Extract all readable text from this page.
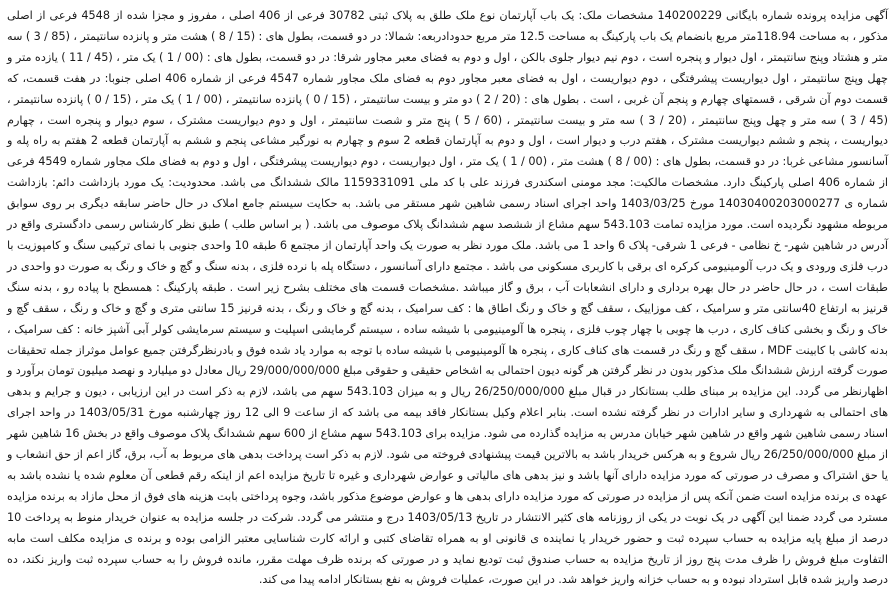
آگهی مزایده پرونده شماره بایگانی 140200229 مشخصات ملک: یک باب آپارتمان نوع ملک طلق به پلاک ثبتی 30782 فرعی از 406 اصلی ، مفروز و مجزا شده از 4548 فرعی از اصلی مذکور ، به مساحت 118.94متر مربع بانضمام یک باب پارکینگ به مساحت 12.5 متر مربع حدودادربعه: شمالا: در دو قسمت، بطول های : (15 / 8 ) هشت متر و پانزده سانتیمتر ، (85 / 3 ) سه متر و هشتاد وپنج سانتیمتر ، اول دیوار و پنجره است ، دوم نیم دیوار جلوی بالکن ، اول و دوم به فضای معبر مجاور شرقا: در دو قسمت، بطول های : (00 / 1 ) یک متر ، (45 / 11 ) یازده متر و چهل وپنج سانتیمتر ، اول دیواریست پیشرفتگی ، دوم دیواریست ، اول به فضای معبر مجاور دوم به فضای ملک مجاور شماره 4547 فرعی از شماره 406 اصلی جنوبا: در هفت قسمت، که قسمت دوم آن شرقی ، قسمتهای چهارم و پنجم آن غربی ، است . بطول های : (20 / 2 ) دو متر و بیست سانتیمتر ، (15 / 0 ) پانزده سانتیمتر ، (00 / 1 ) یک متر ، (15 / 0 ) پانزده سانتیمتر ، (45 / 3 ) سه متر و چهل وپنج سانتیمتر ، (20 / 3 ) سه متر و بیست سانتیمتر ، (60 / 5 ) پنج متر و شصت سانتیمتر ، اول و دوم دیواریست مشترک ، سوم دیوار و پنجره است ، چهارم دیواریست ، پنجم و ششم دیواریست مشترک ، هفتم درب و دیوار است ، اول و دوم به آپارتمان قطعه 2 سوم و چهارم به نورگیر مشاعی پنجم و ششم به آپارتمان قطعه 2 هفتم به راه پله و آسانسور مشاعی غربا: در دو قسمت، بطول های : (00 / 8 ) هشت متر ، (00 / 1 ) یک متر ، اول دیواریست ، دوم دیواریست پیشرفتگی ، اول و دوم به فضای ملک مجاور شماره 4549 فرعی از شماره 406 اصلی پارکینگ دارد. مشخصات مالکیت: مجد مومنی اسکندری فرزند علی با کد ملی 1159331091 مالک ششدانگ می باشد. محدودیت: یک مورد بازداشت دائم: بازداشت شماره ی 14030400203000277 مورخ 1403/03/25 واحد اجرای اسناد رسمی شاهین شهر مستقر می باشد. به حکایت سیستم جامع املاک در حال حاضر سابقه دیگری بر روی سوابق مربوطه مشهود نگردیده است. مورد مزایده تمامت 543.103 سهم مشاع از ششصد سهم ششدانگ پلاک موصوف می باشد. ( بر اساس طلب ) طبق نظر کارشناس رسمی دادگستری واقع در آدرس در شاهین شهر- خ نظامی - فرعی 1 شرقی- پلاک 6 واحد 1 می باشد. ملک مورد نظر به صورت یک واحد آپارتمان از مجتمع 6 طبقه 10 واحدی جنوبی با نمای ترکیبی سنگ و کامپوزیت با درب فلزی ورودی و یک درب آلومینیومی کرکره ای برقی با کاربری مسکونی می باشد . مجتمع دارای آسانسور ، دستگاه پله با نرده فلزی ، بدنه سنگ و گچ و خاک و رنگ به صورت دو واحدی در طبقات است ، در حال حاضر در حال بهره برداری و دارای انشعابات آب ، برق و گاز میباشد .مشخصات قسمت های مختلف بشرح زیر است . طبقه پارکینگ : همسطح با پیاده رو ، بدنه سنگ قرنیز به ارتفاع 40سانتی متر و سرامیک ، کف موزاییک ، سقف گچ و خاک و رنگ اطاق ها : کف سرامیک ، بدنه گچ و خاک و رنگ ، بدنه قرنیز 15 سانتی متری و گچ و خاک و رنگ ، سقف گچ و خاک و رنگ و بخشی کناف کاری ، درب ها چوبی با چهار چوب فلزی ، پنجره ها آلومینیومی با شیشه ساده ، سیستم گرمایشی اسپلیت و سیستم سرمایشی کولر آبی آشپز خانه : کف سرامیک ، بدنه کاشی با کابینت MDF ، سقف گچ و رنگ در قسمت های کناف کاری ، پنجره ها آلومینیومی با شیشه ساده با توجه به موارد یاد شده فوق و بادرنظرگرفتن جمیع عوامل موثراز جمله تحقیقات صورت گرفته ارزش ششدانگ ملک مذکور بدون در نظر گرفتن هر گونه دیون احتمالی به اشخاص حقیقی و حقوقی مبلغ 29/000/000/000 ریال معادل دو میلیارد و نهصد میلیون تومان برآورد و اظهارنظر می گردد. این مزایده بر مبنای طلب بستانکار در قبال مبلغ 26/250/000/000 ریال و به میزان 543.103 سهم می باشد، لازم به ذکر است در این ارزیابی ، دیون و جرایم و بدهی های احتمالی به شهرداری و سایر ادارات در نظر گرفته نشده است. بنابر اعلام وکیل بستانکار فاقد بیمه می باشد که از ساعت 9 الی 12 روز چهارشنبه مورخ 1403/05/31 در واحد اجرای اسناد رسمی شاهین شهر واقع در شاهین شهر خیابان مدرس به مزایده گذارده می شود. مزایده برای 543.103 سهم مشاع از 600 سهم ششدانگ پلاک موصوف واقع در بخش 16 شاهین شهر از مبلغ 26/250/000/000 ریال شروع و به هرکس خریدار باشد به بالاترین قیمت پیشنهادی فروخته می شود. لازم به ذکر است پرداخت بدهی های مربوط به آب، برق، گاز اعم از حق انشعاب و یا حق اشتراک و مصرف در صورتی که مورد مزایده دارای آنها باشد و نیز بدهی های مالیاتی و عوارض شهرداری و غیره تا تاریخ مزایده اعم از اینکه رقم قطعی آن معلوم شده یا نشده باشد به عهده ی برنده مزایده است ضمن آنکه پس از مزایده در صورتی که مورد مزایده دارای بدهی ها و عوارض موضوع مذکور باشد، وجوه پرداختی بابت هزینه های فوق از محل مازاد به برنده مزایده مسترد می گردد ضمنا این آگهی در یک نوبت در یکی از روزنامه های کثیر الانتشار در تاریخ 1403/05/13 درج و منتشر می گردد. شرکت در جلسه مزایده به عنوان خریدار منوط به پرداخت 10 درصد از مبلغ پایه مزایده به حساب سپرده ثبت و حضور خریدار یا نماینده ی قانونی او به همراه تقاضای کتبی و ارائه کارت شناسایی معتبر الزامی بوده و برنده ی مزایده مکلف است مابه التفاوت مبلغ فروش را ظرف مدت پنج روز از تاریخ مزایده به حساب صندوق ثبت تودیع نماید و در صورتی که برنده ظرف مهلت مقرر، مانده فروش را به حساب سپرده ثبت واریز نکند، ده درصد واریز شده قابل استرداد نبوده و به حساب خزانه واریز خواهد شد. در این صورت، عملیات فروش به نفع بستانکار ادامه پیدا می کند.
